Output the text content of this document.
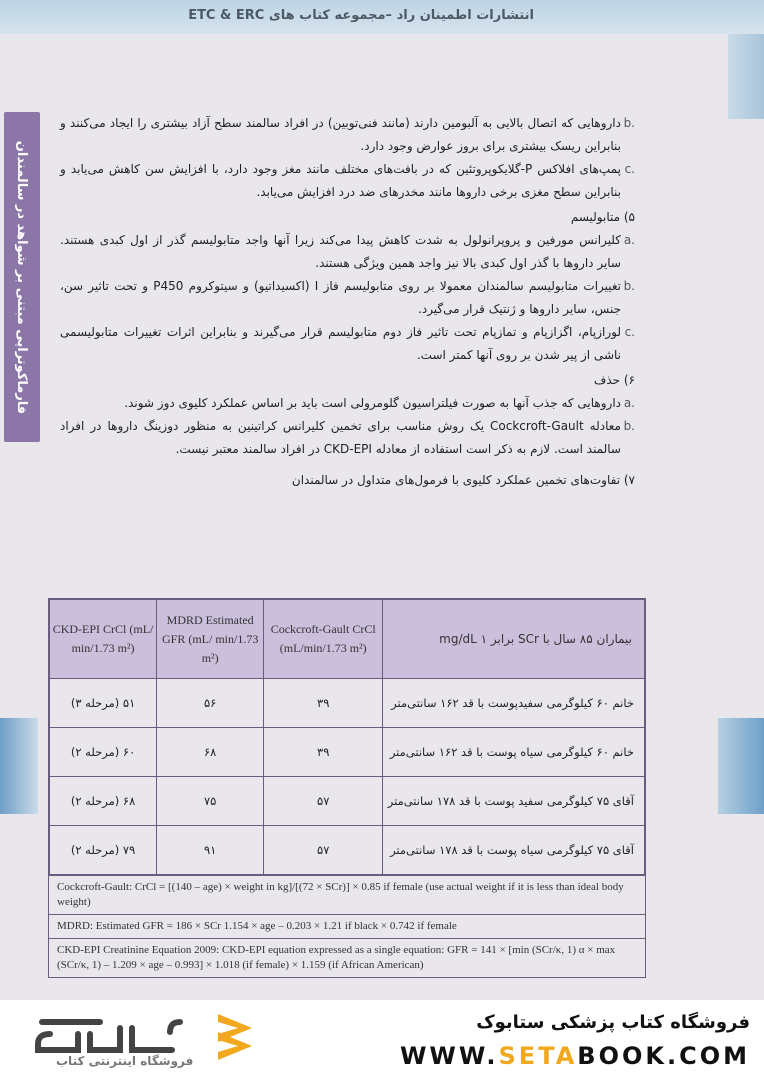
انتشارات اطمینان راد –مجموعه کتاب های ETC & ERC
فارماکوتراپی مبتنی بر شواهد در سالمندان

b.
داروهایی که اتصال بالایی به آلبومین دارند (مانند فنی‌توبین) در افراد سالمند سطح آزاد بیشتری را ایجاد می‌کنند و بنابراین ریسک بیشتری برای بروز عوارض وجود دارد.

c.
پمپ‌های افلاکس P-گلایکوپروتئین که در بافت‌های مختلف مانند مغز وجود دارد، با افزایش سن کاهش می‌یابد و بنابراین سطح مغزی برخی داروها مانند مخدرهای ضد درد افزایش می‌یابد.

۵) متابولیسم

a.
کلیرانس مورفین و پروپرانولول به شدت کاهش پیدا می‌کند زیرا آنها واجد متابولیسم گذر از اول کبدی هستند. سایر داروها با گذر اول کبدی بالا نیز واجد همین ویژگی هستند.

b.
تغییرات متابولیسم سالمندان معمولا بر روی متابولیسم فاز I (اکسیداتیو) و سیتوکروم P450 و تحت تاثیر سن، جنس، سایر داروها و ژنتیک قرار می‌گیرد.

c.
لورازپام، اگزازپام و تمازپام تحت تاثیر فاز دوم متابولیسم قرار می‌گیرند و بنابراین اثرات تغییرات متابولیسمی ناشی از پیر شدن بر روی آنها کمتر است.

۶) حذف

a.
داروهایی که جذب آنها به صورت فیلتراسیون گلومرولی است باید بر اساس عملکرد کلیوی دوز شوند.

b.
معادله Cockcroft-Gault یک روش مناسب برای تخمین کلیرانس کراتینین به منظور دوزینگ داروها در افراد سالمند است. لازم به ذکر است استفاده از معادله CKD-EPI در افراد سالمند معتبر نیست.

۷) تفاوت‌های تخمین عملکرد کلیوی با فرمول‌های متداول در سالمندان

بیماران ۸۵ سال با SCr برابر ۱ mg/dL	Cockcroft-Gault CrCl (mL/min/1.73 m²)	MDRD Estimated GFR (mL/ min/1.73 m²)	CKD-EPI CrCl (mL/ min/1.73 m²)
خانم ۶۰ کیلوگرمی سفیدپوست با قد ۱۶۲ سانتی‌متر	۳۹	۵۶	۵۱ (مرحله ۳)
خانم ۶۰ کیلوگرمی سیاه پوست با قد ۱۶۲ سانتی‌متر	۳۹	۶۸	۶۰ (مرحله ۲)
آقای ۷۵ کیلوگرمی سفید پوست با قد ۱۷۸ سانتی‌متر	۵۷	۷۵	۶۸ (مرحله ۲)
آقای ۷۵ کیلوگرمی سیاه پوست با قد ۱۷۸ سانتی‌متر	۵۷	۹۱	۷۹ (مرحله ۲)
Cockcroft-Gault: CrCl = [(140 – age) × weight in kg]/[(72 × SCr)] × 0.85 if female (use actual weight if it is less than ideal body weight)
MDRD: Estimated GFR = 186 × SCr 1.154 × age – 0.203 × 1.21 if black × 0.742 if female
CKD-EPI Creatinine Equation 2009: CKD-EPI equation expressed as a single equation: GFR = 141 × [min (SCr/κ, 1) α × max (SCr/κ, 1) – 1.209 × age – 0.993] × 1.018 (if female) × 1.159 (if African American)
فروشگاه اینترنتی کتاب
فروشگاه کتاب پزشکی ستابوک
WWW.SETABOOK.COM
